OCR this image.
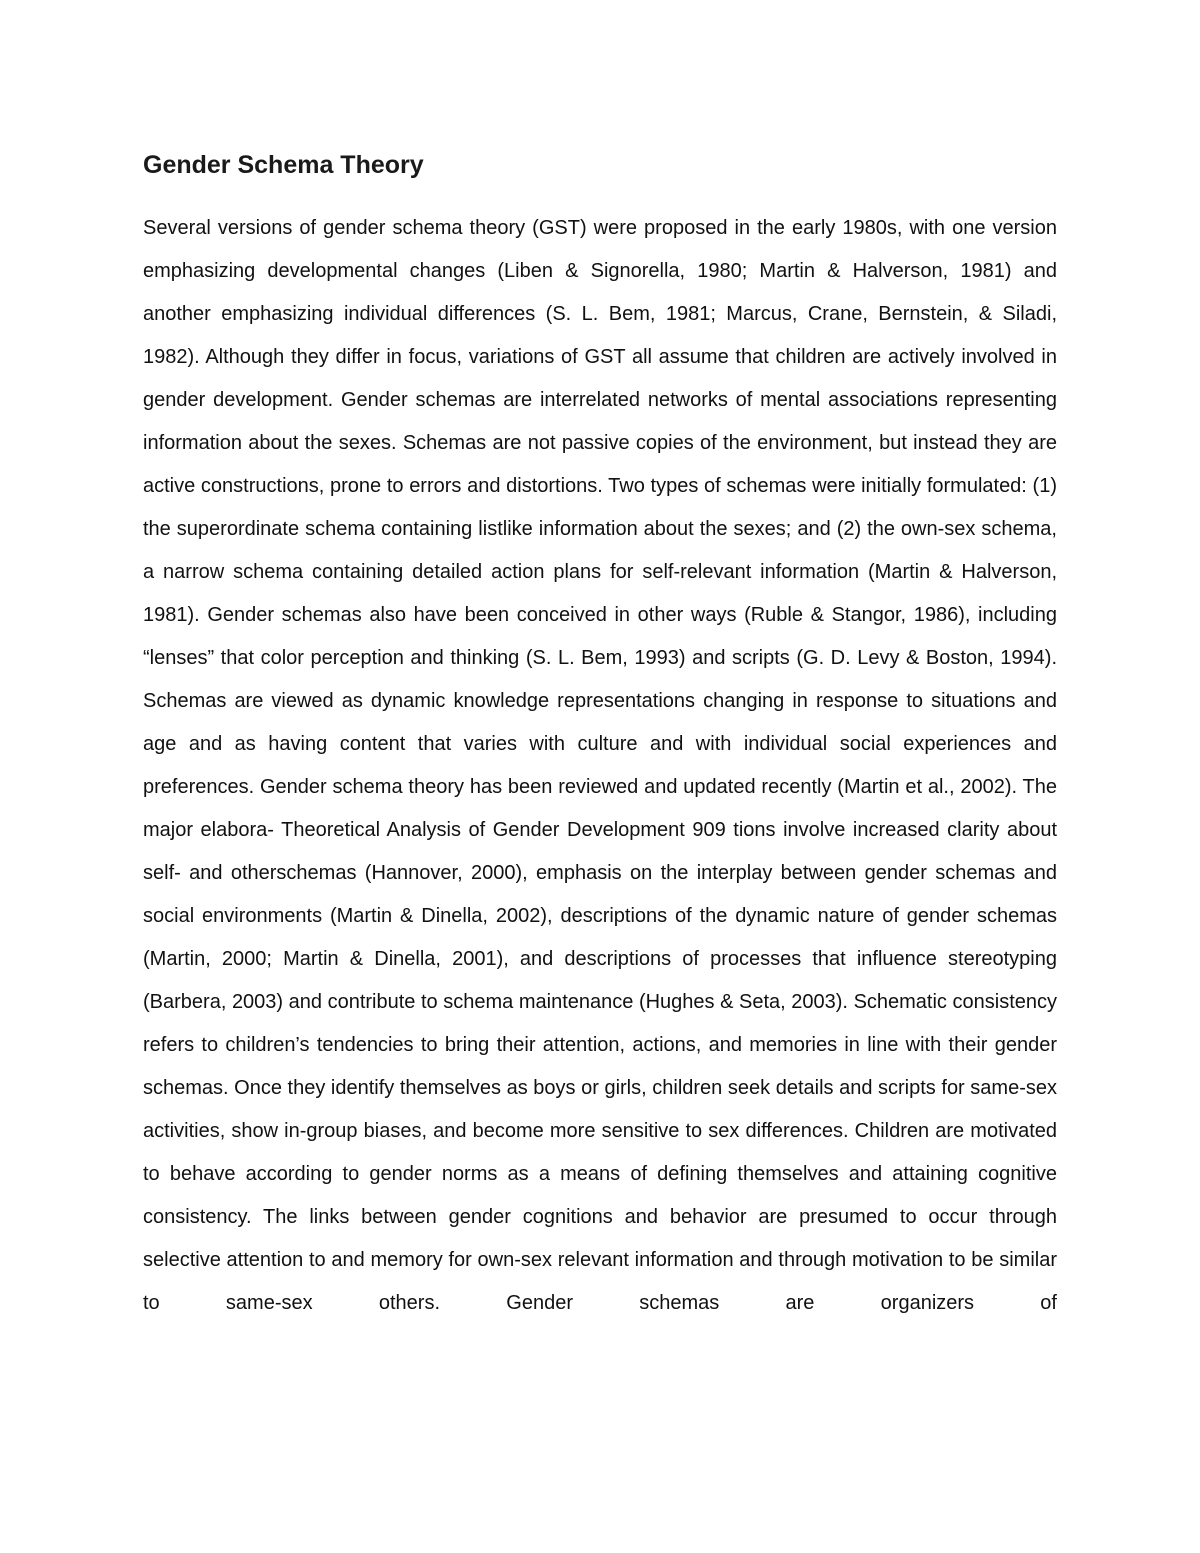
Gender Schema Theory

Several versions of gender schema theory (GST) were proposed in the early 1980s, with one version emphasizing developmental changes (Liben & Signorella, 1980; Martin & Halverson, 1981) and another emphasizing individual differences (S. L. Bem, 1981; Marcus, Crane, Bernstein, & Siladi, 1982). Although they differ in focus, variations of GST all assume that children are actively involved in gender development. Gender schemas are interrelated networks of mental associations representing information about the sexes. Schemas are not passive copies of the environment, but instead they are active constructions, prone to errors and distortions. Two types of schemas were initially formulated: (1) the superordinate schema containing listlike information about the sexes; and (2) the own-sex schema, a narrow schema containing detailed action plans for self-relevant information (Martin & Halverson, 1981). Gender schemas also have been conceived in other ways (Ruble & Stangor, 1986), including “lenses” that color perception and thinking (S. L. Bem, 1993) and scripts (G. D. Levy & Boston, 1994). Schemas are viewed as dynamic knowledge representations changing in response to situations and age and as having content that varies with culture and with individual social experiences and preferences. Gender schema theory has been reviewed and updated recently (Martin et al., 2002). The major elabora- Theoretical Analysis of Gender Development 909 tions involve increased clarity about self- and otherschemas (Hannover, 2000), emphasis on the interplay between gender schemas and social environments (Martin & Dinella, 2002), descriptions of the dynamic nature of gender schemas (Martin, 2000; Martin & Dinella, 2001), and descriptions of processes that influence stereotyping (Barbera, 2003) and contribute to schema maintenance (Hughes & Seta, 2003). Schematic consistency refers to children’s tendencies to bring their attention, actions, and memories in line with their gender schemas. Once they identify themselves as boys or girls, children seek details and scripts for same-sex activities, show in-group biases, and become more sensitive to sex differences. Children are motivated to behave according to gender norms as a means of defining themselves and attaining cognitive consistency. The links between gender cognitions and behavior are presumed to occur through selective attention to and memory for own-sex relevant information and through motivation to be similar to same-sex others. Gender schemas are organizers of
